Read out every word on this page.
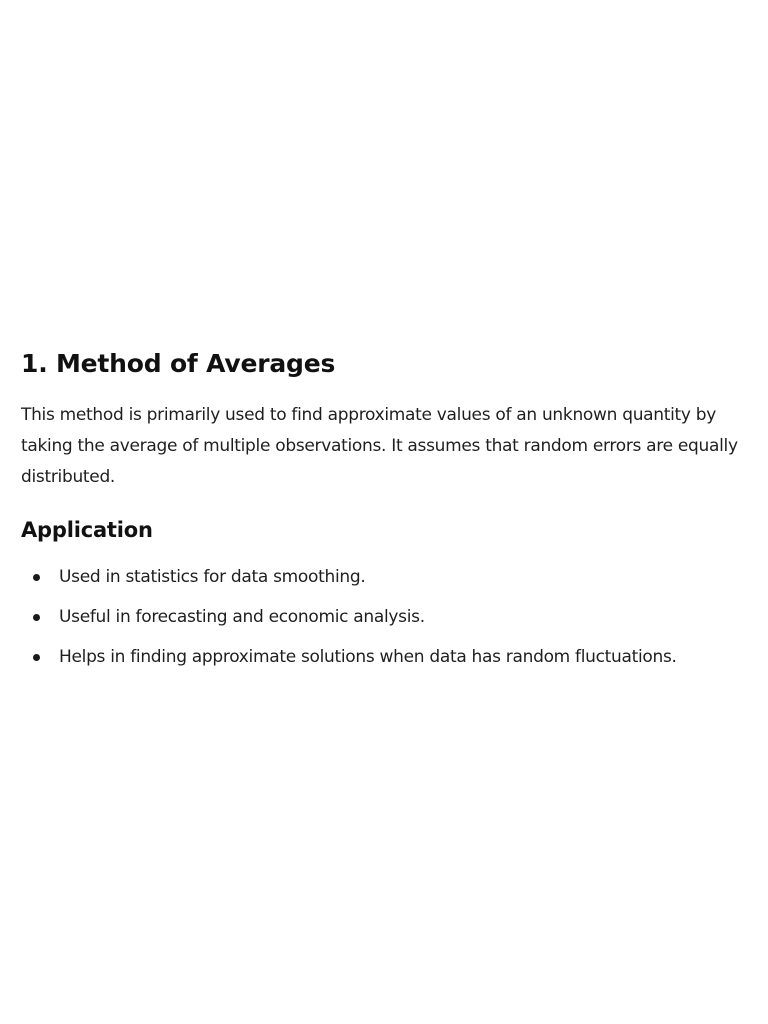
1. Method of Averages

This method is primarily used to find approximate values of an unknown quantity by taking the average of multiple observations. It assumes that random errors are equally distributed.

Application
Used in statistics for data smoothing.
Useful in forecasting and economic analysis.
Helps in finding approximate solutions when data has random fluctuations.
